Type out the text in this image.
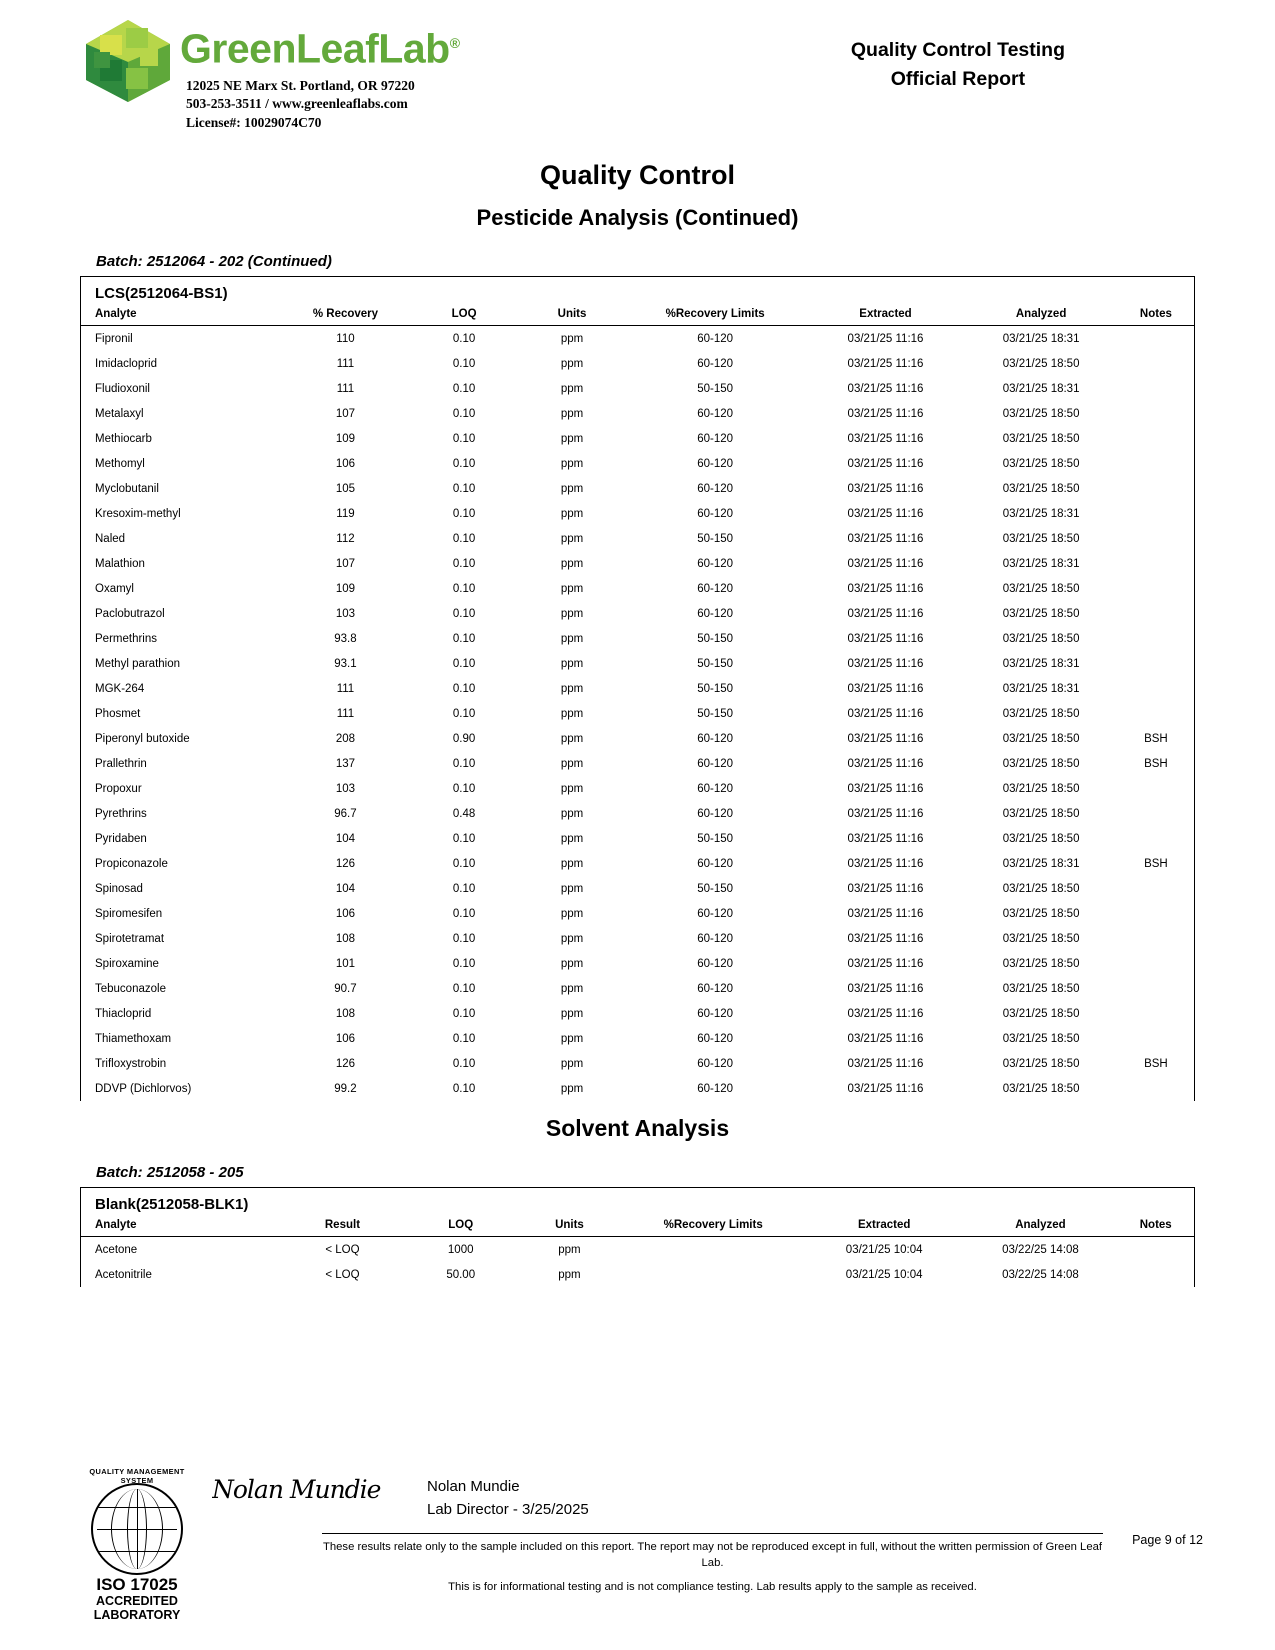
GreenLeafLab®
12025 NE Marx St. Portland, OR 97220
503-253-3511 / www.greenleaflabs.com
License#: 10029074C70
Quality Control Testing
Official Report
Quality Control
Pesticide Analysis (Continued)
Batch: 2512064 - 202 (Continued)
LCS(2512064-BS1)
Analyte	% Recovery	LOQ	Units	%Recovery Limits	Extracted	Analyzed	Notes
Fipronil	110	0.10	ppm	60-120	03/21/25 11:16	03/21/25 18:31	
Imidacloprid	111	0.10	ppm	60-120	03/21/25 11:16	03/21/25 18:50	
Fludioxonil	111	0.10	ppm	50-150	03/21/25 11:16	03/21/25 18:31	
Metalaxyl	107	0.10	ppm	60-120	03/21/25 11:16	03/21/25 18:50	
Methiocarb	109	0.10	ppm	60-120	03/21/25 11:16	03/21/25 18:50	
Methomyl	106	0.10	ppm	60-120	03/21/25 11:16	03/21/25 18:50	
Myclobutanil	105	0.10	ppm	60-120	03/21/25 11:16	03/21/25 18:50	
Kresoxim-methyl	119	0.10	ppm	60-120	03/21/25 11:16	03/21/25 18:31	
Naled	112	0.10	ppm	50-150	03/21/25 11:16	03/21/25 18:50	
Malathion	107	0.10	ppm	60-120	03/21/25 11:16	03/21/25 18:31	
Oxamyl	109	0.10	ppm	60-120	03/21/25 11:16	03/21/25 18:50	
Paclobutrazol	103	0.10	ppm	60-120	03/21/25 11:16	03/21/25 18:50	
Permethrins	93.8	0.10	ppm	50-150	03/21/25 11:16	03/21/25 18:50	
Methyl parathion	93.1	0.10	ppm	50-150	03/21/25 11:16	03/21/25 18:31	
MGK-264	111	0.10	ppm	50-150	03/21/25 11:16	03/21/25 18:31	
Phosmet	111	0.10	ppm	50-150	03/21/25 11:16	03/21/25 18:50	
Piperonyl butoxide	208	0.90	ppm	60-120	03/21/25 11:16	03/21/25 18:50	BSH
Prallethrin	137	0.10	ppm	60-120	03/21/25 11:16	03/21/25 18:50	BSH
Propoxur	103	0.10	ppm	60-120	03/21/25 11:16	03/21/25 18:50	
Pyrethrins	96.7	0.48	ppm	60-120	03/21/25 11:16	03/21/25 18:50	
Pyridaben	104	0.10	ppm	50-150	03/21/25 11:16	03/21/25 18:50	
Propiconazole	126	0.10	ppm	60-120	03/21/25 11:16	03/21/25 18:31	BSH
Spinosad	104	0.10	ppm	50-150	03/21/25 11:16	03/21/25 18:50	
Spiromesifen	106	0.10	ppm	60-120	03/21/25 11:16	03/21/25 18:50	
Spirotetramat	108	0.10	ppm	60-120	03/21/25 11:16	03/21/25 18:50	
Spiroxamine	101	0.10	ppm	60-120	03/21/25 11:16	03/21/25 18:50	
Tebuconazole	90.7	0.10	ppm	60-120	03/21/25 11:16	03/21/25 18:50	
Thiacloprid	108	0.10	ppm	60-120	03/21/25 11:16	03/21/25 18:50	
Thiamethoxam	106	0.10	ppm	60-120	03/21/25 11:16	03/21/25 18:50	
Trifloxystrobin	126	0.10	ppm	60-120	03/21/25 11:16	03/21/25 18:50	BSH
DDVP (Dichlorvos)	99.2	0.10	ppm	60-120	03/21/25 11:16	03/21/25 18:50	
Solvent Analysis
Batch: 2512058 - 205
Blank(2512058-BLK1)
Analyte	Result	LOQ	Units	%Recovery Limits	Extracted	Analyzed	Notes
Acetone	< LOQ	1000	ppm		03/21/25 10:04	03/22/25 14:08	
Acetonitrile	< LOQ	50.00	ppm		03/21/25 10:04	03/22/25 14:08	
QUALITY MANAGEMENT SYSTEM
ISO 17025
ACCREDITED
LABORATORY
Nolan Mundie	Nolan Mundie
Lab Director - 3/25/2025
Page 9 of 12
These results relate only to the sample included on this report. The report may not be reproduced except in full, without the written permission of Green Leaf Lab.
This is for informational testing and is not compliance testing. Lab results apply to the sample as received.
